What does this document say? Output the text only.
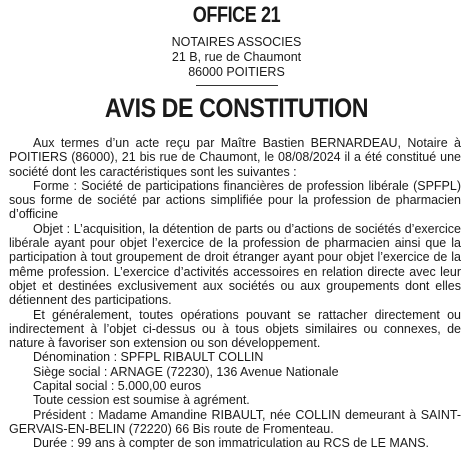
OFFICE 21
NOTAIRES ASSOCIES
21 B, rue de Chaumont
86000 POITIERS
AVIS DE CONSTITUTION

Aux termes d’un acte reçu par Maître Bastien BERNARDEAU, Notaire à POITIERS (86000), 21 bis rue de Chaumont, le 08/08/2024 il a été constitué une société dont les caractéristiques sont les suivantes :

Forme : Société de participations financières de profession libérale (SPFPL) sous forme de société par actions simplifiée pour la profession de pharmacien d’officine

Objet : L’acquisition, la détention de parts ou d’actions de sociétés d’exercice libérale ayant pour objet l’exercice de la profession de pharmacien ainsi que la participation à tout groupement de droit étranger ayant pour objet l’exercice de la même profession. L’exercice d’activités accessoires en relation directe avec leur objet et destinées exclusivement aux sociétés ou aux groupements dont elles détiennent des participations.

Et généralement, toutes opérations pouvant se rattacher directement ou indirectement à l’objet ci-dessus ou à tous objets similaires ou connexes, de nature à favoriser son extension ou son développement.

Dénomination : SPFPL RIBAULT COLLIN

Siège social : ARNAGE (72230), 136 Avenue Nationale

Capital social : 5.000,00 euros

Toute cession est soumise à agrément.

Président : Madame Amandine RIBAULT, née COLLIN demeurant à SAINT-GERVAIS-EN-BELIN (72220) 66 Bis route de Fromenteau.

Durée : 99 ans à compter de son immatriculation au RCS de LE MANS.
